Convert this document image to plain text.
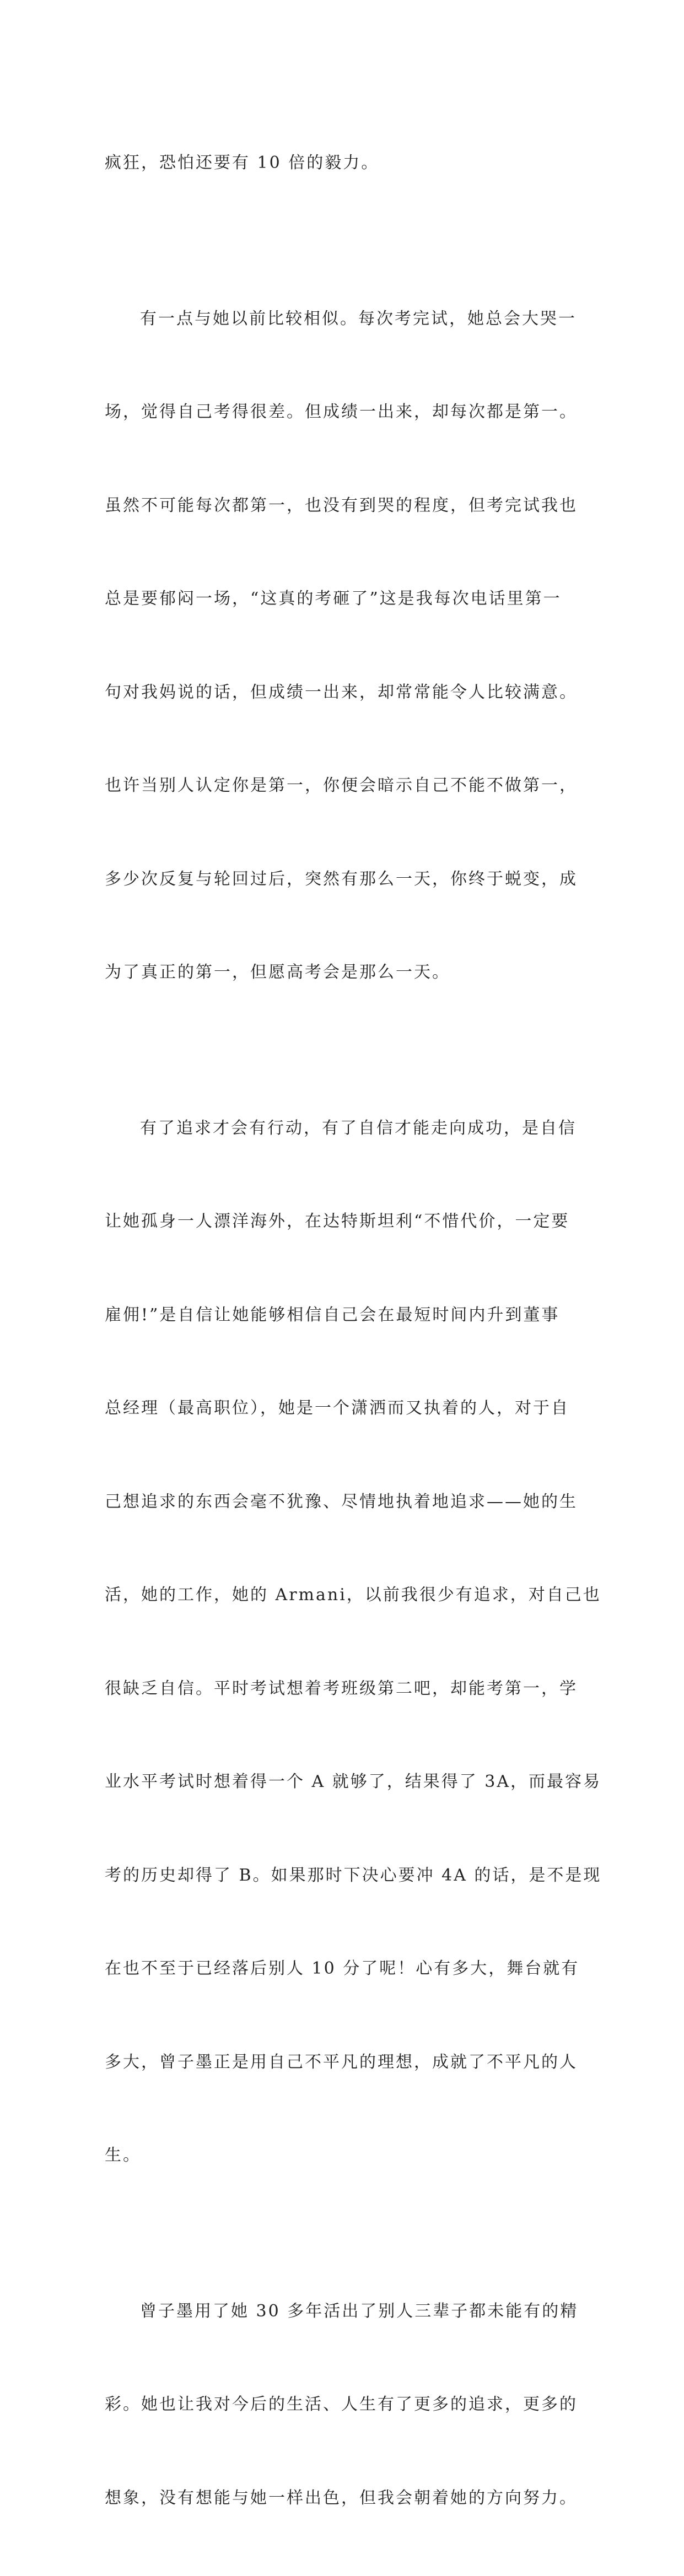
疯狂，恐怕还要有 10 倍的毅力。

有一点与她以前比较相似。每次考完试，她总会大哭一

场，觉得自己考得很差。但成绩一出来，却每次都是第一。

虽然不可能每次都第一，也没有到哭的程度，但考完试我也

总是要郁闷一场，“这真的考砸了”这是我每次电话里第一

句对我妈说的话，但成绩一出来，却常常能令人比较满意。

也许当别人认定你是第一，你便会暗示自己不能不做第一，

多少次反复与轮回过后，突然有那么一天，你终于蜕变，成

为了真正的第一，但愿高考会是那么一天。

有了追求才会有行动，有了自信才能走向成功，是自信

让她孤身一人漂洋海外，在达特斯坦利“不惜代价，一定要

雇佣!”是自信让她能够相信自己会在最短时间内升到董事

总经理（最高职位），她是一个潇洒而又执着的人，对于自

己想追求的东西会毫不犹豫、尽情地执着地追求——她的生

活，她的工作，她的 Armani，以前我很少有追求，对自己也

很缺乏自信。平时考试想着考班级第二吧，却能考第一，学

业水平考试时想着得一个 A 就够了，结果得了 3A，而最容易

考的历史却得了 B。如果那时下决心要冲 4A 的话，是不是现

在也不至于已经落后别人 10 分了呢！心有多大，舞台就有

多大，曾子墨正是用自己不平凡的理想，成就了不平凡的人

生。

曾子墨用了她 30 多年活出了别人三辈子都未能有的精

彩。她也让我对今后的生活、人生有了更多的追求，更多的

想象，没有想能与她一样出色，但我会朝着她的方向努力。
